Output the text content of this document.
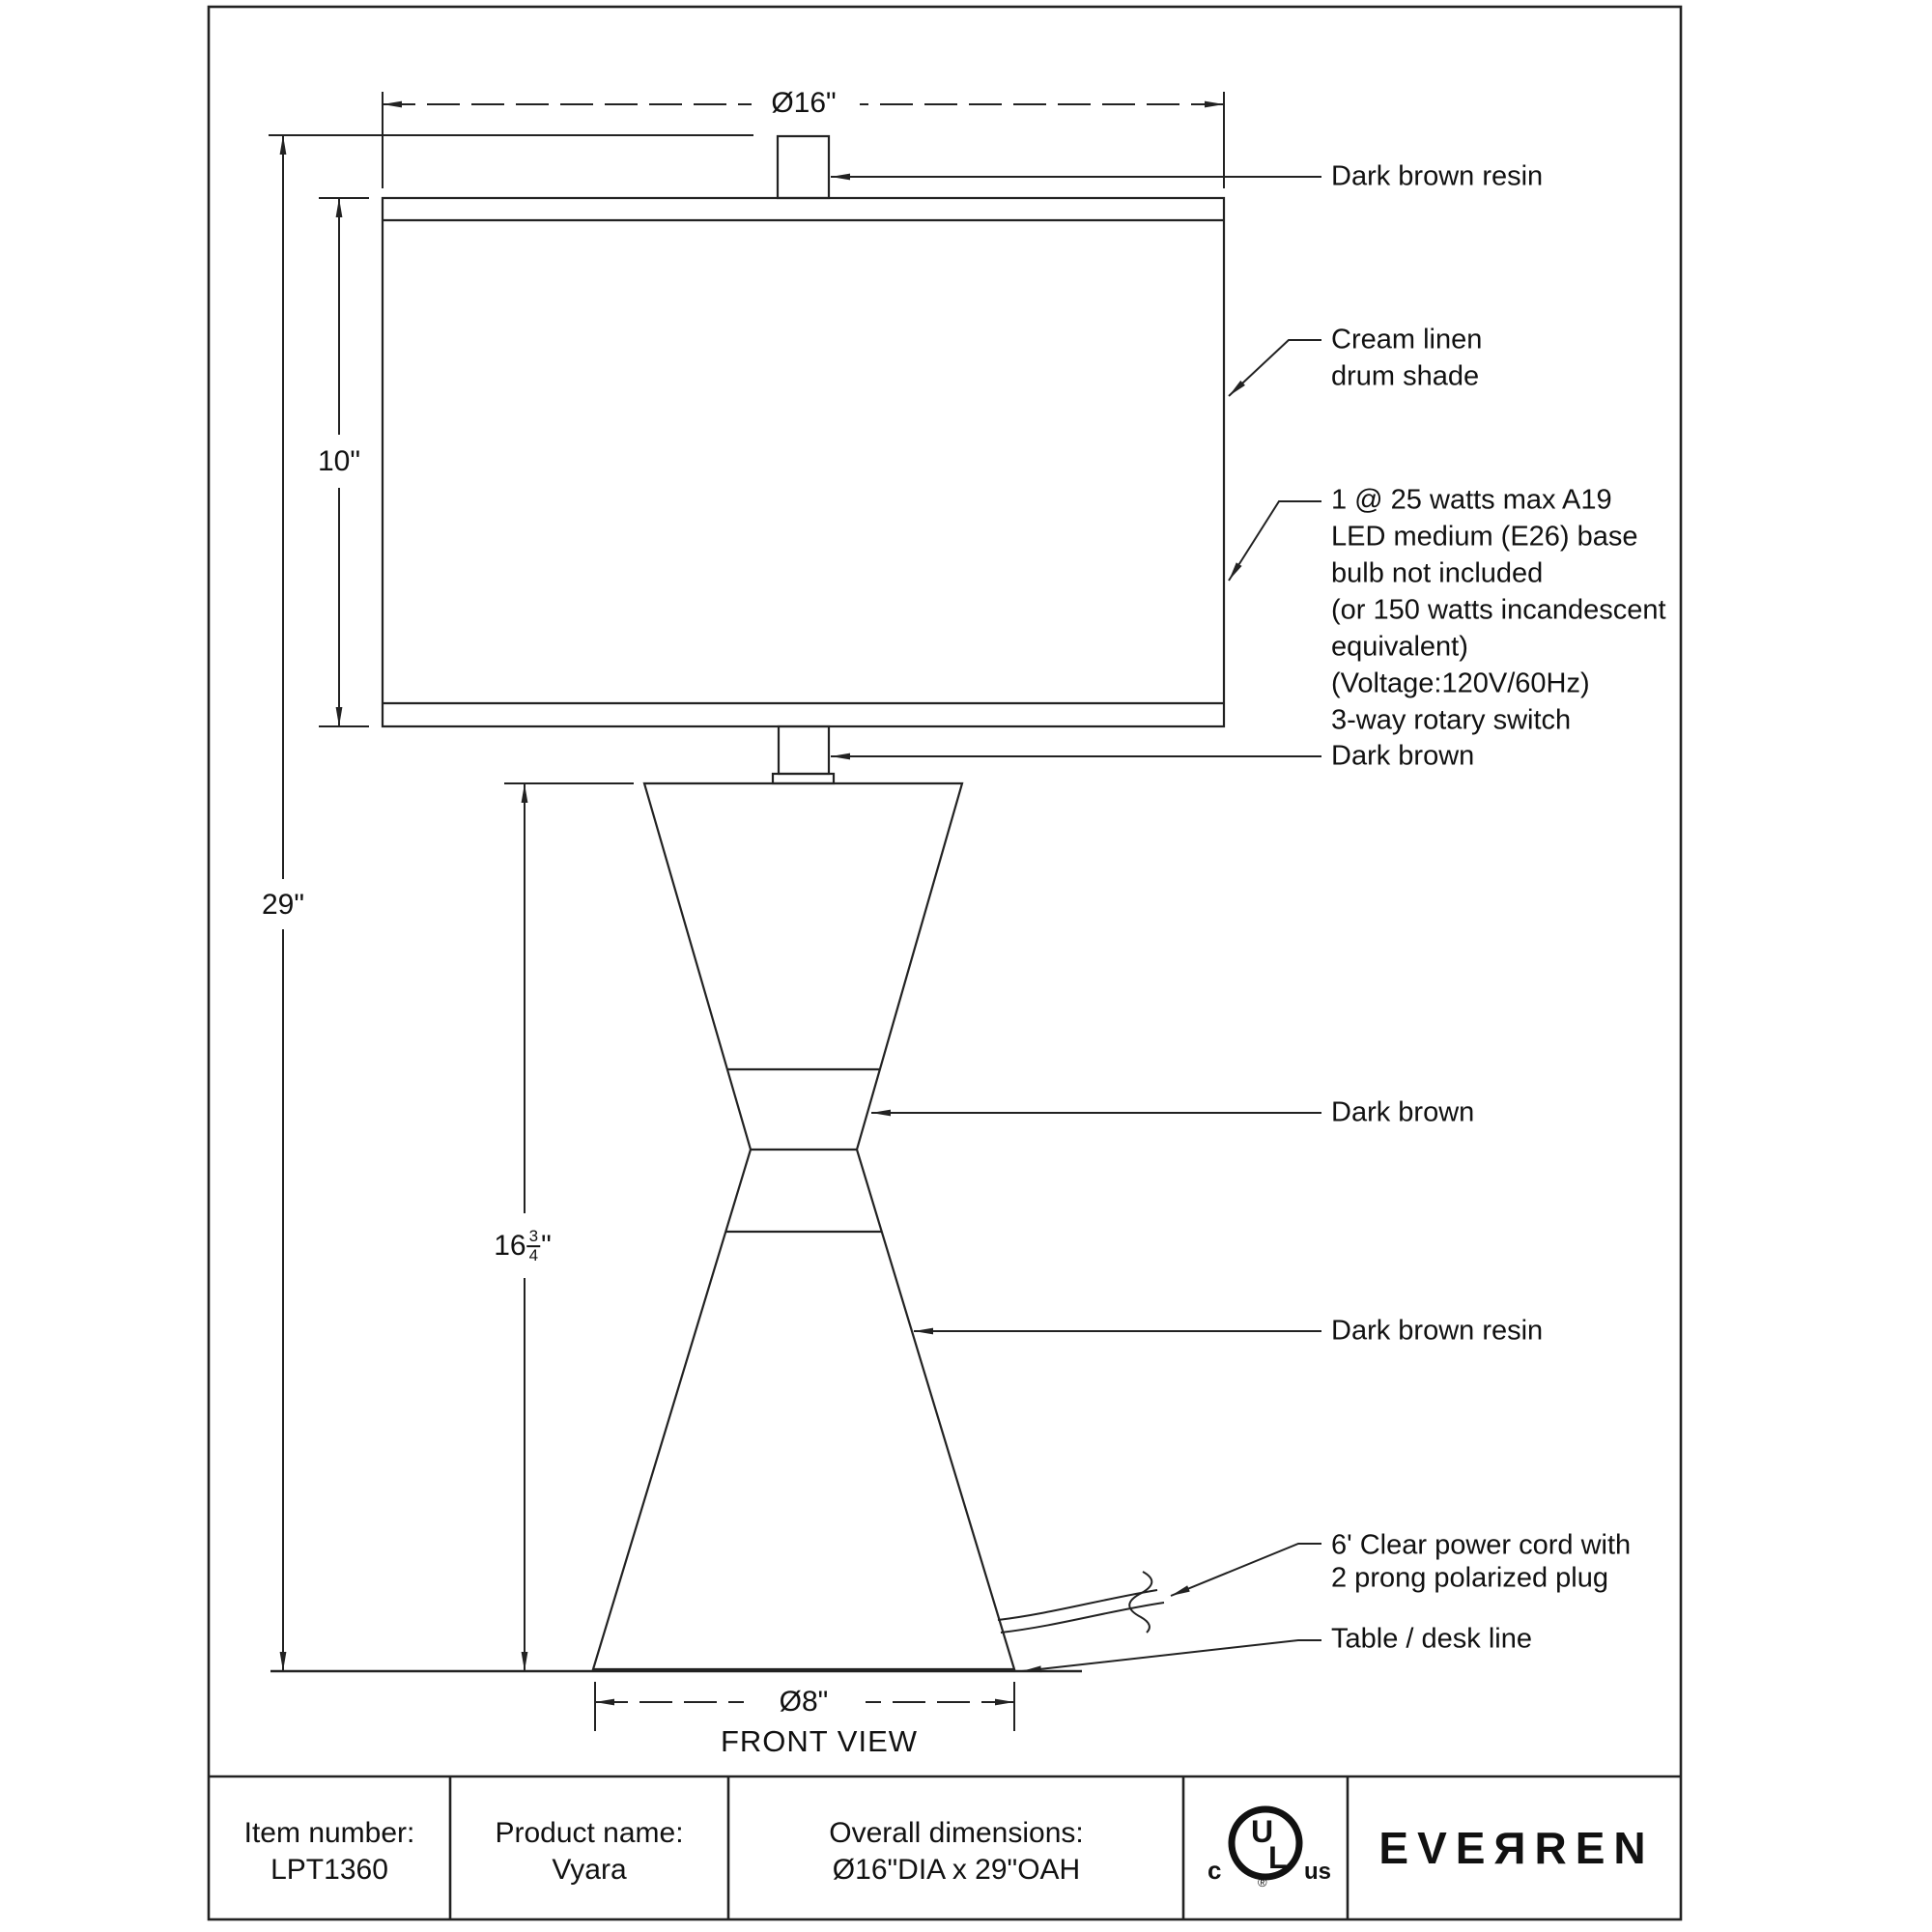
U
L
c	us
®
Ø16"
10"
29"
$16 \frac{3}{4}$ "
Ø8"
FRONT VIEW
Dark brown resin
Cream linen
drum shade
1 @ 25 watts max A19
LED medium (E26) base
bulb not included
(or 150 watts incandescent
equivalent)
(Voltage:120V/60Hz)
3-way rotary switch
Dark brown
Dark brown
Dark brown resin
6' Clear power cord with
2 prong polarized plug
Table / desk line
Item number:
LPT1360
Product name:
Vyara
Overall dimensions:
Ø16"DIA x 29"OAH	EVEЯREN
